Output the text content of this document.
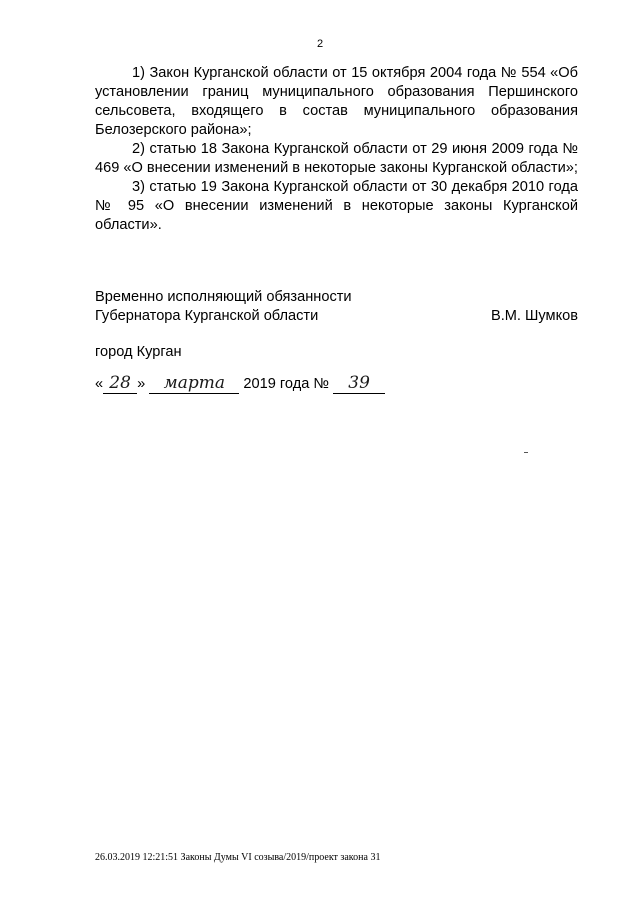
2

1) Закон Курганской области от 15 октября 2004 года № 554 «Об установлении границ муниципального образования Першинского сельсовета, входящего в состав муниципального образования Белозерского района»;

2) статью 18 Закона Курганской области от 29 июня 2009 года № 469 «О внесении изменений в некоторые законы Курганской области»;

3) статью 19 Закона Курганской области от 30 декабря 2010 года № 95 «О внесении изменений в некоторые законы Курганской области».

Временно исполняющий обязанности
Губернатора Курганской области	В.М. Шумков
город Курган
« 28 » марта 2019 года № 39
26.03.2019 12:21:51 Законы Думы VI созыва/2019/проект закона 31
